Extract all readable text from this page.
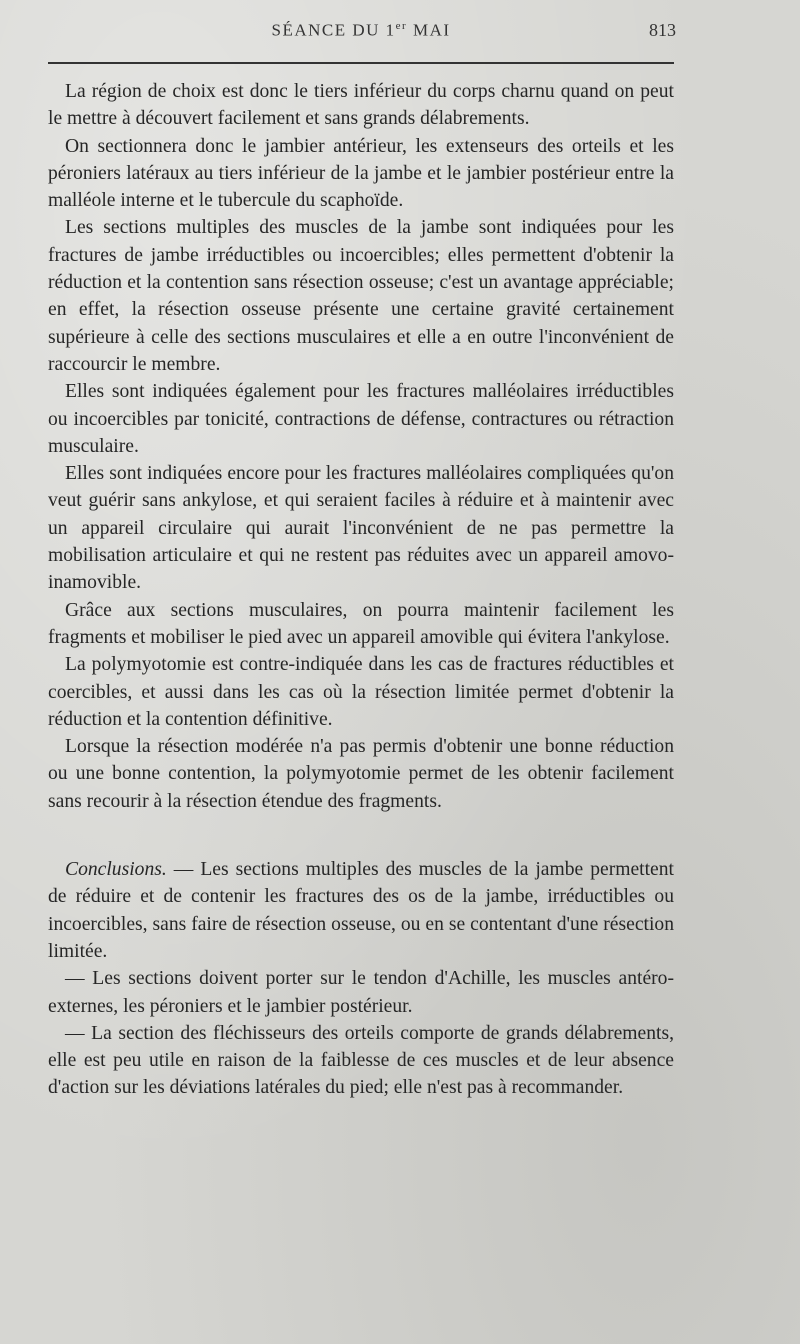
SÉANCE DU 1er MAI	813

La région de choix est donc le tiers inférieur du corps charnu quand on peut le mettre à découvert facilement et sans grands délabrements.

On sectionnera donc le jambier antérieur, les extenseurs des orteils et les péroniers latéraux au tiers inférieur de la jambe et le jambier postérieur entre la malléole interne et le tubercule du scaphoïde.

Les sections multiples des muscles de la jambe sont indiquées pour les fractures de jambe irréductibles ou incoercibles; elles permettent d'obtenir la réduction et la contention sans résection osseuse; c'est un avantage appréciable; en effet, la résection osseuse présente une certaine gravité certainement supérieure à celle des sections musculaires et elle a en outre l'inconvénient de raccourcir le membre.

Elles sont indiquées également pour les fractures malléolaires irréductibles ou incoercibles par tonicité, contractions de défense, contractures ou rétraction musculaire.

Elles sont indiquées encore pour les fractures malléolaires compliquées qu'on veut guérir sans ankylose, et qui seraient faciles à réduire et à maintenir avec un appareil circulaire qui aurait l'inconvénient de ne pas permettre la mobilisation articulaire et qui ne restent pas réduites avec un appareil amovo-inamovible.

Grâce aux sections musculaires, on pourra maintenir facilement les fragments et mobiliser le pied avec un appareil amovible qui évitera l'ankylose.

La polymyotomie est contre-indiquée dans les cas de fractures réductibles et coercibles, et aussi dans les cas où la résection limitée permet d'obtenir la réduction et la contention définitive.

Lorsque la résection modérée n'a pas permis d'obtenir une bonne réduction ou une bonne contention, la polymyotomie permet de les obtenir facilement sans recourir à la résection étendue des fragments.

Conclusions. — Les sections multiples des muscles de la jambe permettent de réduire et de contenir les fractures des os de la jambe, irréductibles ou incoercibles, sans faire de résection osseuse, ou en se contentant d'une résection limitée.

— Les sections doivent porter sur le tendon d'Achille, les muscles antéro-externes, les péroniers et le jambier postérieur.

— La section des fléchisseurs des orteils comporte de grands délabrements, elle est peu utile en raison de la faiblesse de ces muscles et de leur absence d'action sur les déviations latérales du pied; elle n'est pas à recommander.
